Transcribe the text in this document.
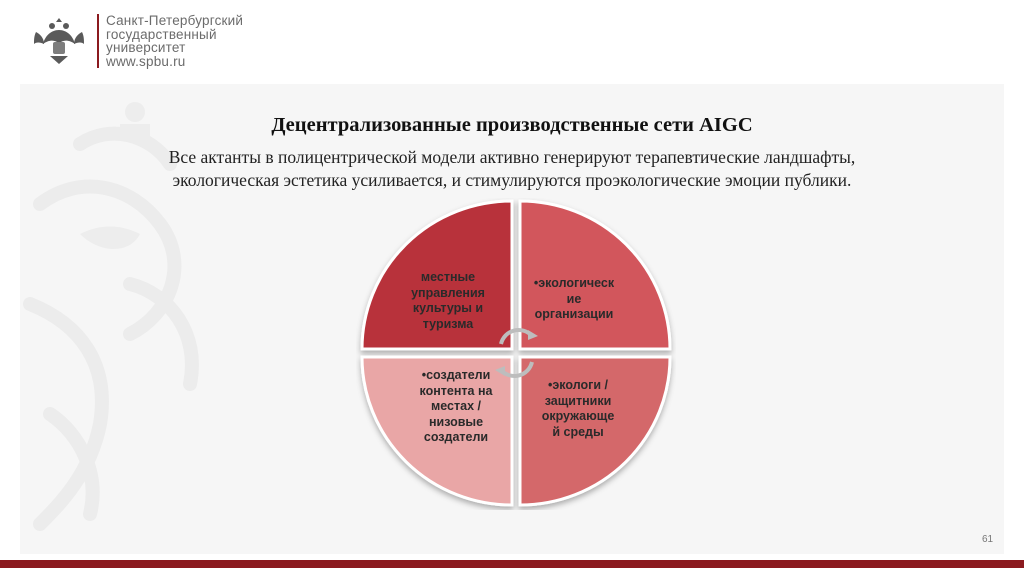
Санкт-Петербургский
государственный
университет
www.spbu.ru
Децентрализованные производственные сети AIGC
Все актанты в полицентрической модели активно генерируют терапевтические ландшафты,
экологическая эстетика усиливается, и стимулируются проэкологические эмоции публики.
местные
управления
культуры и
туризма
•экологическ
ие
организации
•создатели
контента на
местах /
низовые
создатели
•экологи /
защитники
окружающе
й среды
61
